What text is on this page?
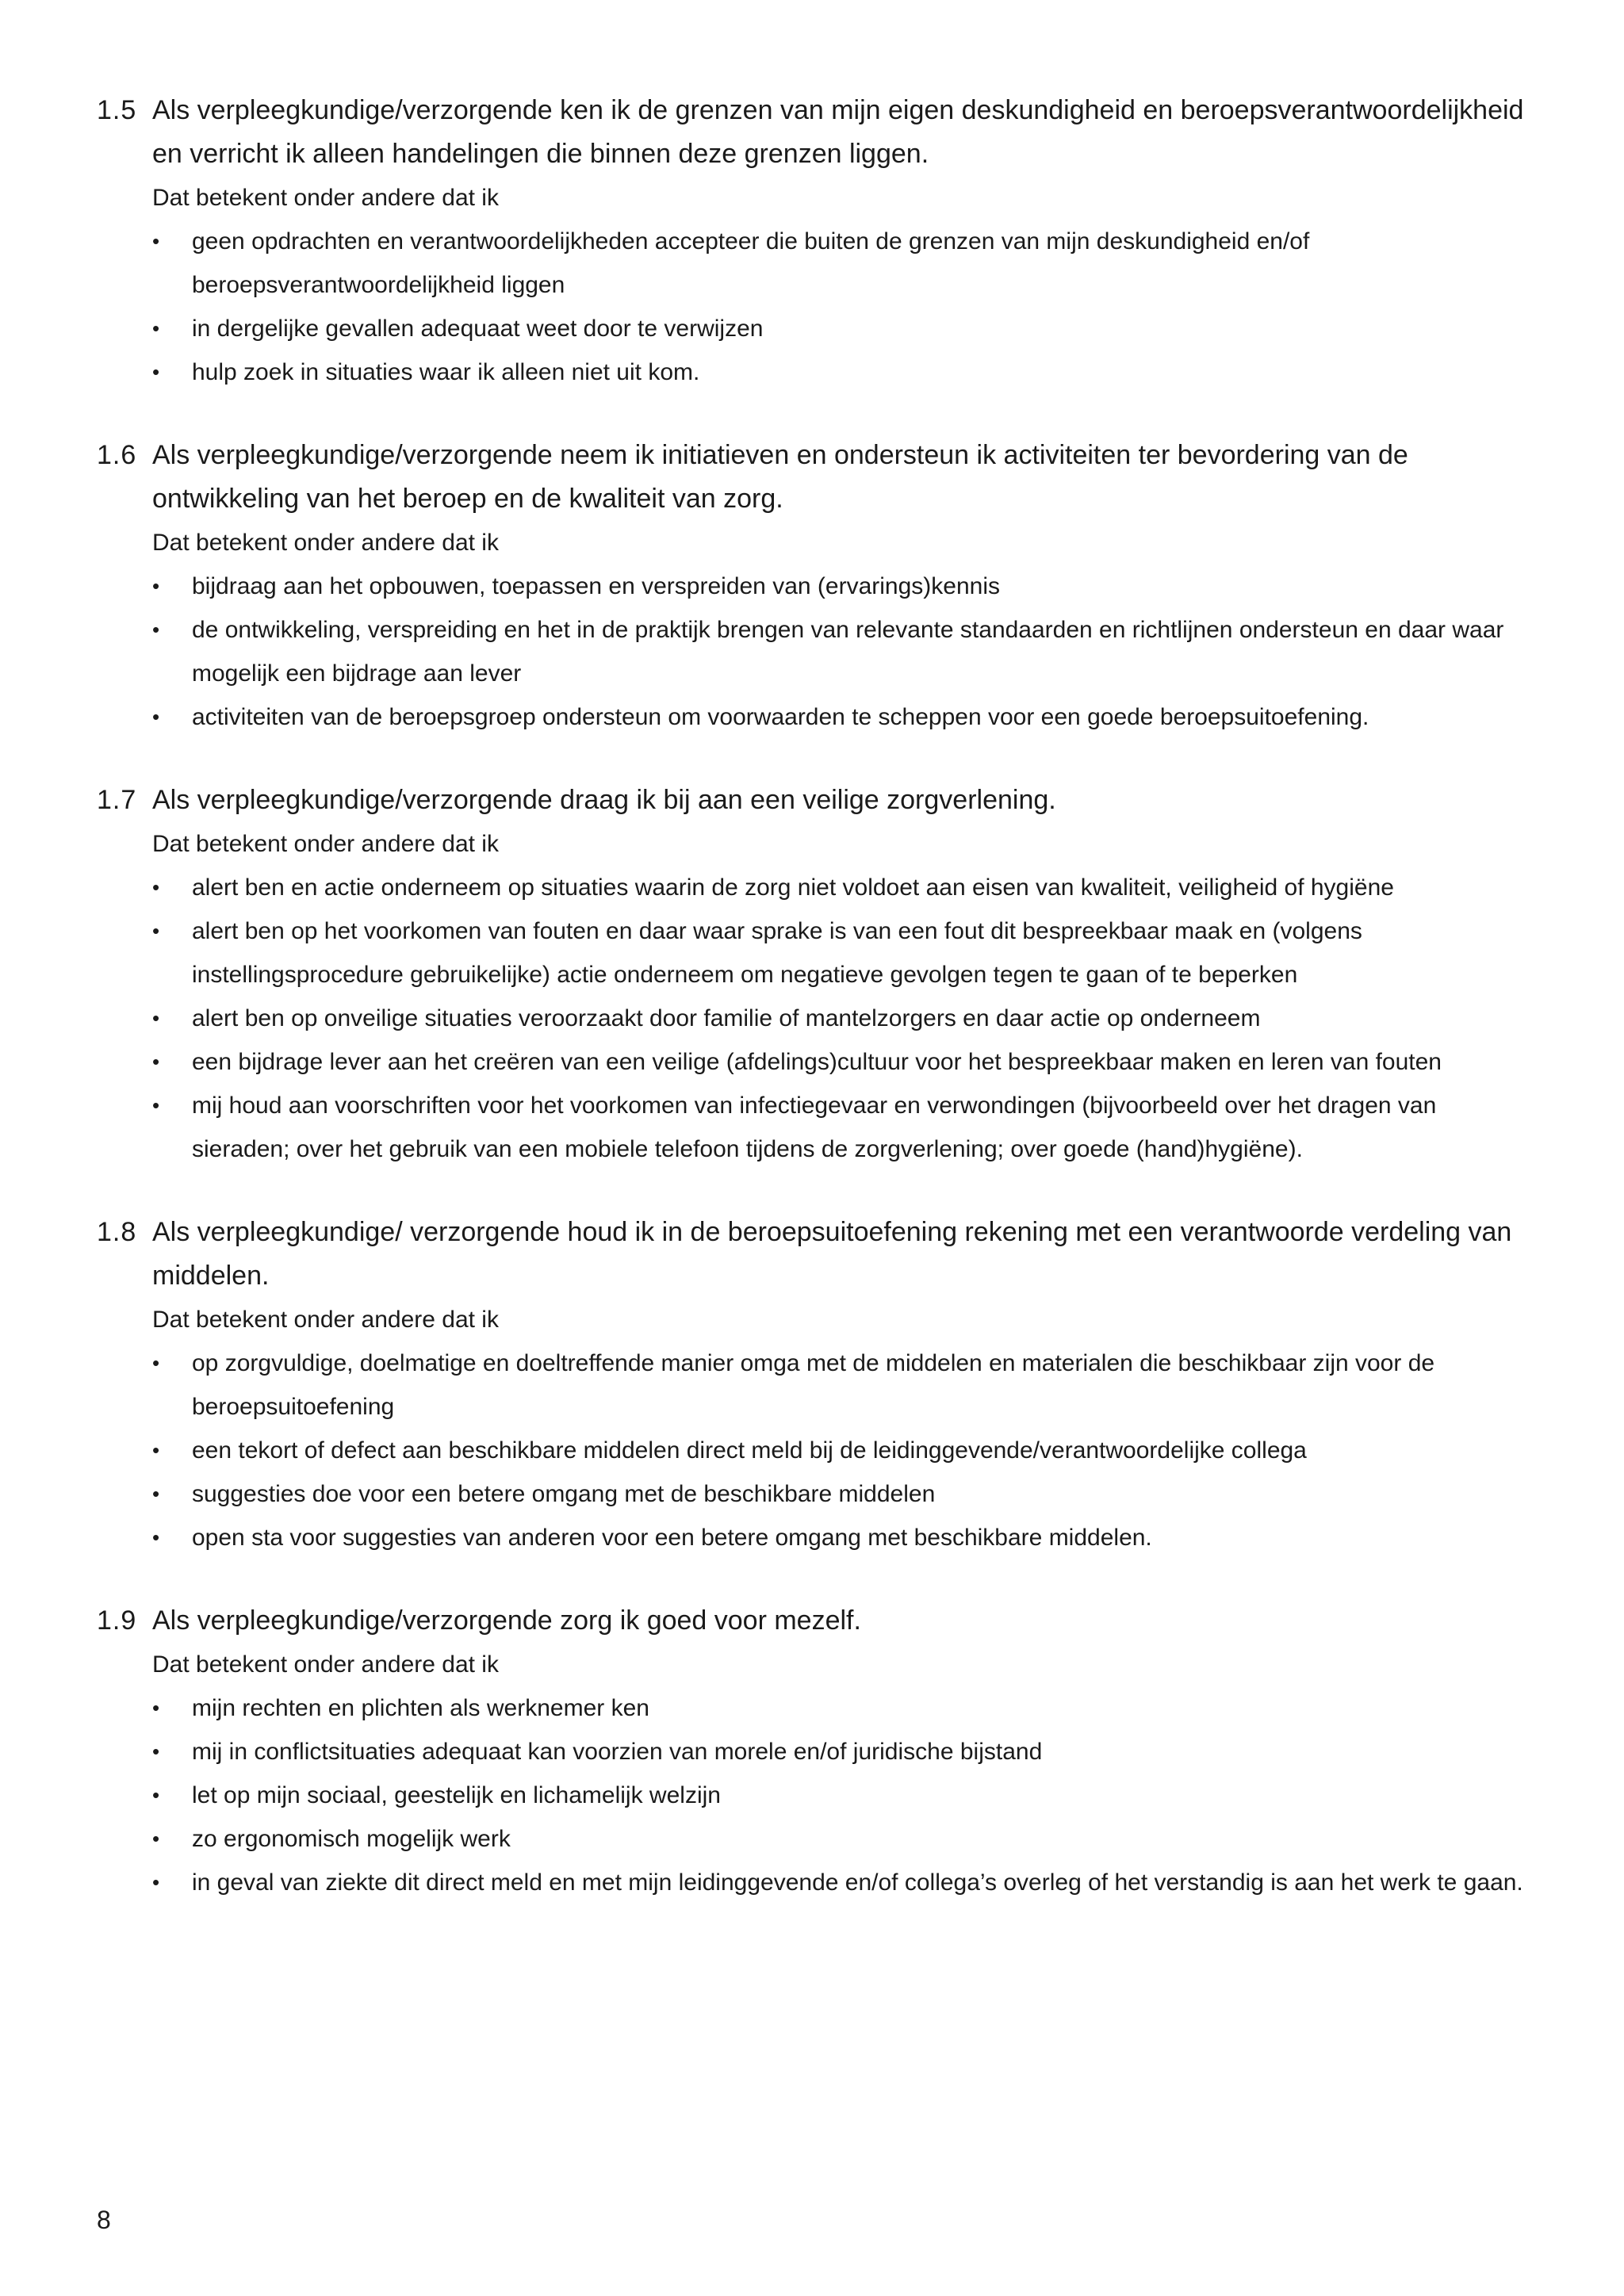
1.5 Als verpleegkundige/verzorgende ken ik de grenzen van mijn eigen deskundigheid en beroepsverantwoordelijkheid en verricht ik alleen handelingen die binnen deze grenzen liggen.
Dat betekent onder andere dat ik
•	geen opdrachten en verantwoordelijkheden accepteer die buiten de grenzen van mijn deskundigheid en/of beroepsverantwoordelijkheid liggen
•	in dergelijke gevallen adequaat weet door te verwijzen
•	hulp zoek in situaties waar ik alleen niet uit kom.
1.6 Als verpleegkundige/verzorgende neem ik initiatieven en ondersteun ik activiteiten ter bevordering van de ontwikkeling van het beroep en de kwaliteit van zorg.
Dat betekent onder andere dat ik
•	bijdraag aan het opbouwen, toepassen en verspreiden van (ervarings)kennis
•	de ontwikkeling, verspreiding en het in de praktijk brengen van relevante standaarden en richtlijnen ondersteun en daar waar mogelijk een bijdrage aan lever
•	activiteiten van de beroepsgroep ondersteun om voorwaarden te scheppen voor een goede beroepsuitoefening.
1.7 Als verpleegkundige/verzorgende draag ik bij aan een veilige zorgverlening.
Dat betekent onder andere dat ik
•	alert ben en actie onderneem op situaties waarin de zorg niet voldoet aan eisen van kwaliteit, veiligheid of hygiëne
•	alert ben op het voorkomen van fouten en daar waar sprake is van een fout dit bespreekbaar maak en (volgens instellingsprocedure gebruikelijke) actie onderneem om negatieve gevolgen tegen te gaan of te beperken
•	alert ben op onveilige situaties veroorzaakt door familie of mantelzorgers en daar actie op onderneem
•	een bijdrage lever aan het creëren van een veilige (afdelings)cultuur voor het bespreekbaar maken en leren van fouten
•	mij houd aan voorschriften voor het voorkomen van infectiegevaar en verwondingen (bijvoorbeeld over het dragen van sieraden; over het gebruik van een mobiele telefoon tijdens de zorgverlening; over goede (hand)hygiëne).
1.8 Als verpleegkundige/ verzorgende houd ik in de beroepsuitoefening rekening met een verantwoorde verdeling van middelen.
Dat betekent onder andere dat ik
•	op zorgvuldige, doelmatige en doeltreffende manier omga met de middelen en materialen die beschikbaar zijn voor de beroepsuitoefening
•	een tekort of defect aan beschikbare middelen direct meld bij de leidinggevende/verantwoordelijke collega
•	suggesties doe voor een betere omgang met de beschikbare middelen
•	open sta voor suggesties van anderen voor een betere omgang met beschikbare middelen.
1.9 Als verpleegkundige/verzorgende zorg ik goed voor mezelf.
Dat betekent onder andere dat ik
•	mijn rechten en plichten als werknemer ken
•	mij in conflictsituaties adequaat kan voorzien van morele en/of juridische bijstand
•	let op mijn sociaal, geestelijk en lichamelijk welzijn
•	zo ergonomisch mogelijk werk
•	in geval van ziekte dit direct meld en met mijn leidinggevende en/of collega’s overleg of het verstandig is aan het werk te gaan.
8
